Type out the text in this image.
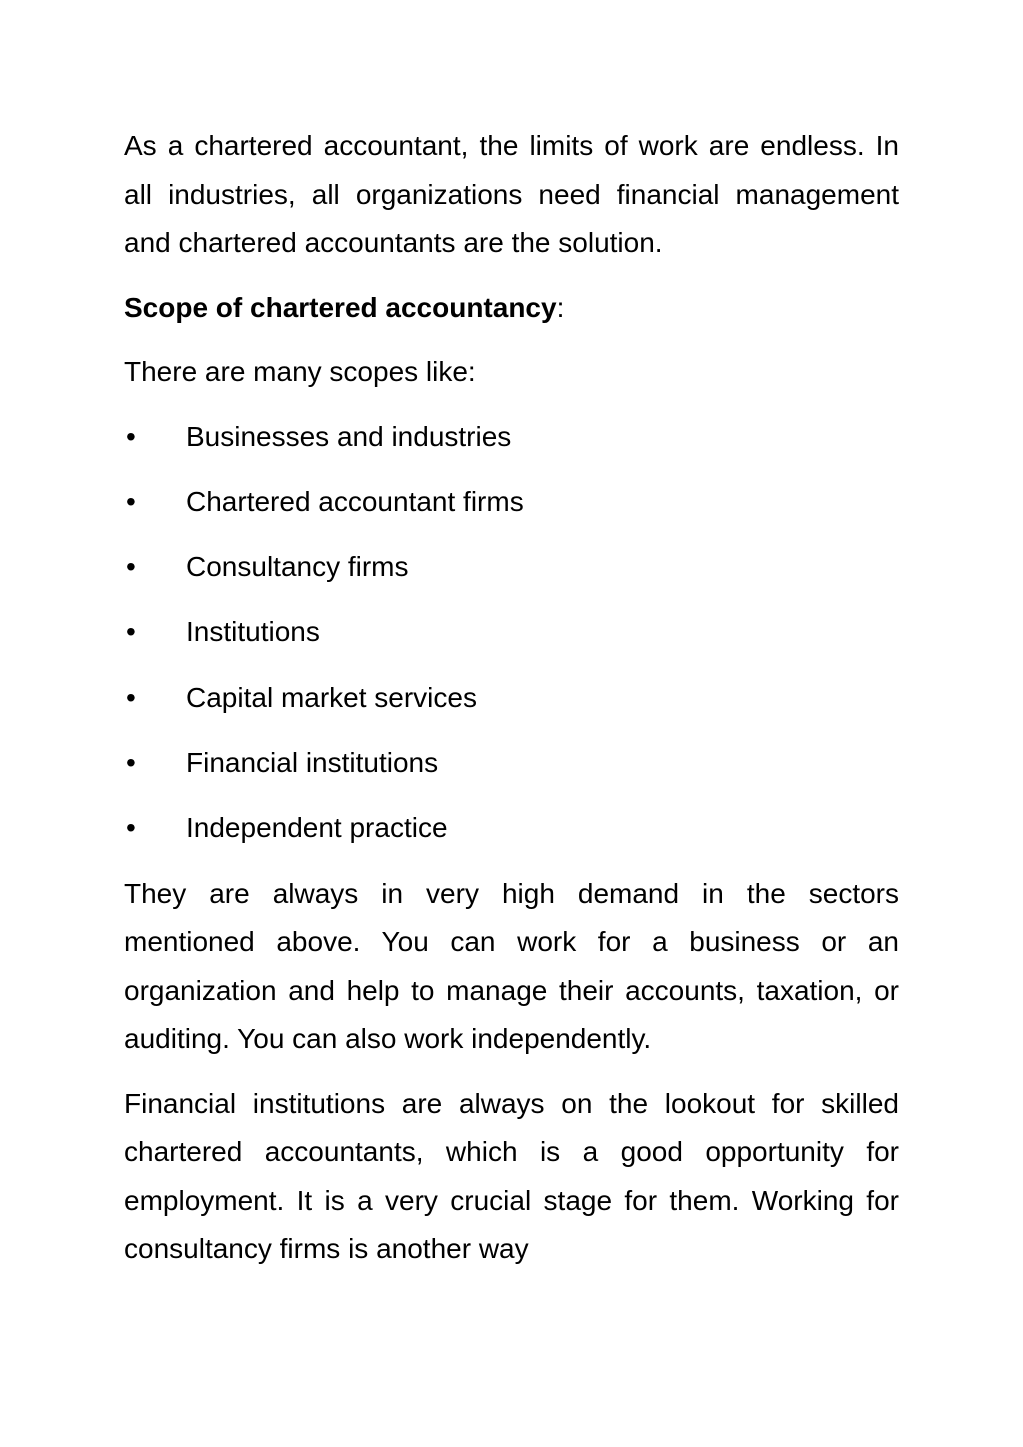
As a chartered accountant, the limits of work are endless. In all industries, all organizations need financial management and chartered accountants are the solution.

Scope of chartered accountancy:

There are many scopes like:

• Businesses and industries
• Chartered accountant firms
• Consultancy firms
• Institutions
• Capital market services
• Financial institutions
• Independent practice

They are always in very high demand in the sectors mentioned above. You can work for a business or an organization and help to manage their accounts, taxation, or auditing. You can also work independently.

Financial institutions are always on the lookout for skilled chartered accountants, which is a good opportunity for employment. It is a very crucial stage for them. Working for consultancy firms is another way
